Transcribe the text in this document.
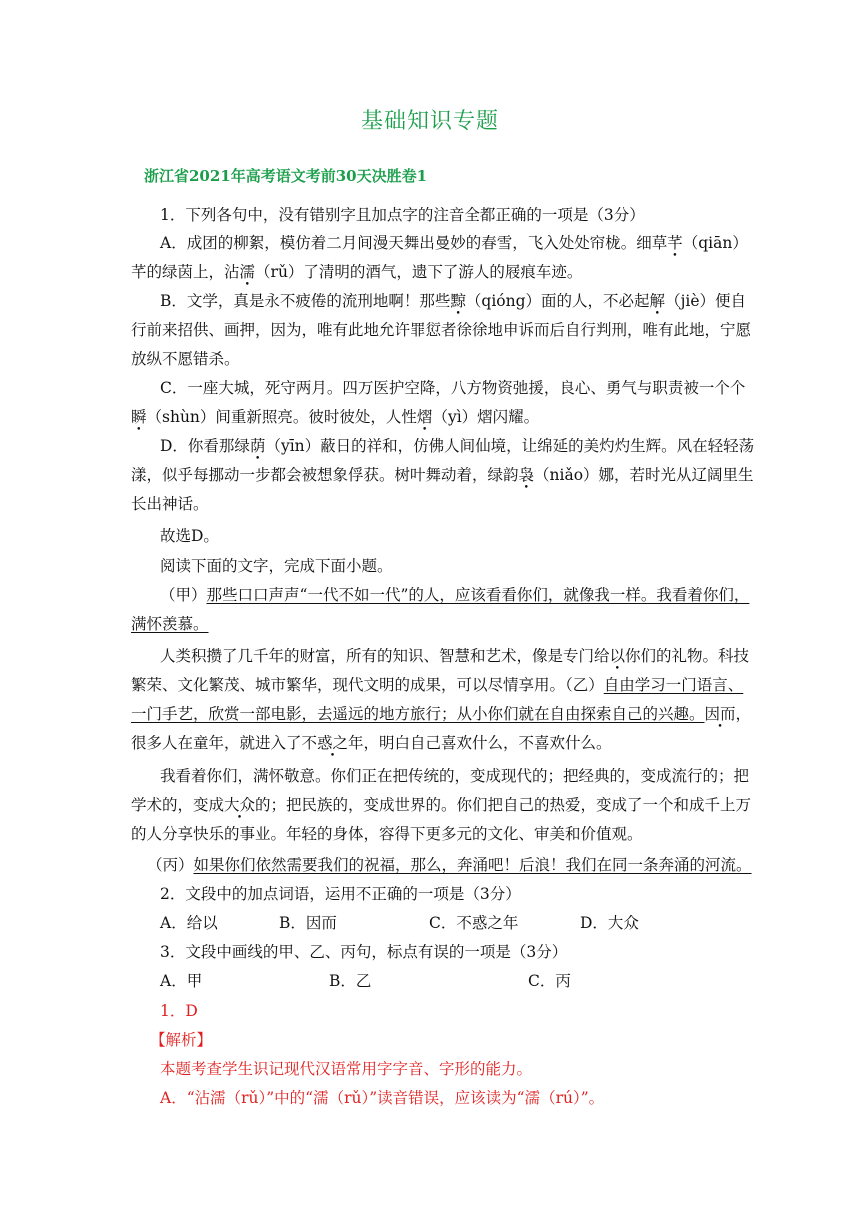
基础知识专题
浙江省2021年高考语文考前30天决胜卷1
1．下列各句中，没有错别字且加点字的注音全都正确的一项是（3分）
A．成团的柳絮，模仿着二月间漫天舞出曼妙的春雪，飞入处处帘栊。细草芊（qiān）
芊的绿茵上，沾濡（rǔ）了清明的酒气，遗下了游人的屐痕车迹。
B．文学，真是永不疲倦的流刑地啊！那些黥（qióng）面的人，不必起解（jiè）便自
行前来招供、画押，因为，唯有此地允许罪愆者徐徐地申诉而后自行判刑，唯有此地，宁愿
放纵不愿错杀。
C．一座大城，死守两月。四万医护空降，八方物资弛援，良心、勇气与职责被一个个
瞬（shùn）间重新照亮。彼时彼处，人性熠（yì）熠闪耀。
D．你看那绿荫（yīn）蔽日的祥和，仿佛人间仙境，让绵延的美灼灼生辉。风在轻轻荡
漾，似乎每挪动一步都会被想象俘获。树叶舞动着，绿韵袅（niǎo）娜，若时光从辽阔里生
长出神话。
故选D。
阅读下面的文字，完成下面小题。
（甲）那些口口声声“一代不如一代”的人，应该看看你们，就像我一样。我看着你们，
满怀羡慕。
人类积攒了几千年的财富，所有的知识、智慧和艺术，像是专门给以你们的礼物。科技
繁荣、文化繁茂、城市繁华，现代文明的成果，可以尽情享用。（乙）自由学习一门语言、
一门手艺，欣赏一部电影，去遥远的地方旅行；从小你们就在自由探索自己的兴趣。因而，
很多人在童年，就进入了不惑之年，明白自己喜欢什么，不喜欢什么。
我看着你们，满怀敬意。你们正在把传统的，变成现代的；把经典的，变成流行的；把
学术的，变成大众的；把民族的，变成世界的。你们把自己的热爱，变成了一个和成千上万
的人分享快乐的事业。年轻的身体，容得下更多元的文化、审美和价值观。
（丙）如果你们依然需要我们的祝福，那么，奔涌吧！后浪！我们在同一条奔涌的河流。
2．文段中的加点词语，运用不正确的一项是（3分）
A．给以	B．因而	C．不惑之年	D．大众
3．文段中画线的甲、乙、丙句，标点有误的一项是（3分）
A．甲	B．乙	C．丙
1．D
【解析】
本题考查学生识记现代汉语常用字字音、字形的能力。
A．“沾濡（rǔ）”中的“濡（rǔ）”读音错误，应该读为“濡（rú）”。
